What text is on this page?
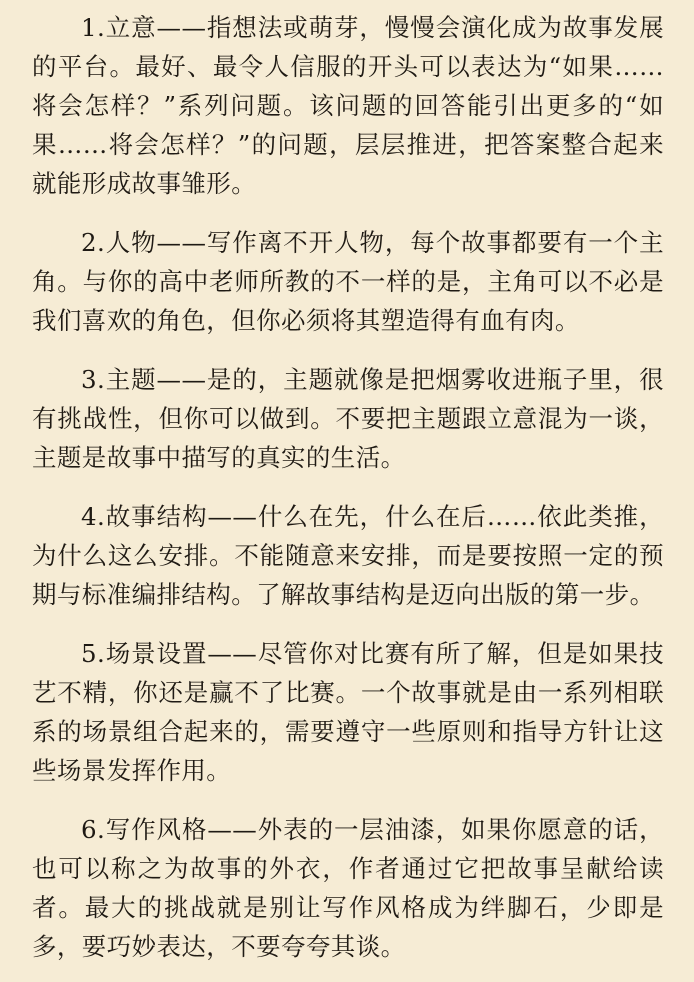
1.立意——指想法或萌芽，慢慢会演化成为故事发展的平台。最好、最令人信服的开头可以表达为“如果……将会怎样？”系列问题。该问题的回答能引出更多的“如果……将会怎样？”的问题，层层推进，把答案整合起来就能形成故事雏形。

2.人物——写作离不开人物，每个故事都要有一个主角。与你的高中老师所教的不一样的是，主角可以不必是我们喜欢的角色，但你必须将其塑造得有血有肉。

3.主题——是的，主题就像是把烟雾收进瓶子里，很有挑战性，但你可以做到。不要把主题跟立意混为一谈，主题是故事中描写的真实的生活。

4.故事结构——什么在先，什么在后……依此类推，为什么这么安排。不能随意来安排，而是要按照一定的预期与标准编排结构。了解故事结构是迈向出版的第一步。

5.场景设置——尽管你对比赛有所了解，但是如果技艺不精，你还是赢不了比赛。一个故事就是由一系列相联系的场景组合起来的，需要遵守一些原则和指导方针让这些场景发挥作用。

6.写作风格——外表的一层油漆，如果你愿意的话，也可以称之为故事的外衣，作者通过它把故事呈献给读者。最大的挑战就是别让写作风格成为绊脚石，少即是多，要巧妙表达，不要夸夸其谈。
